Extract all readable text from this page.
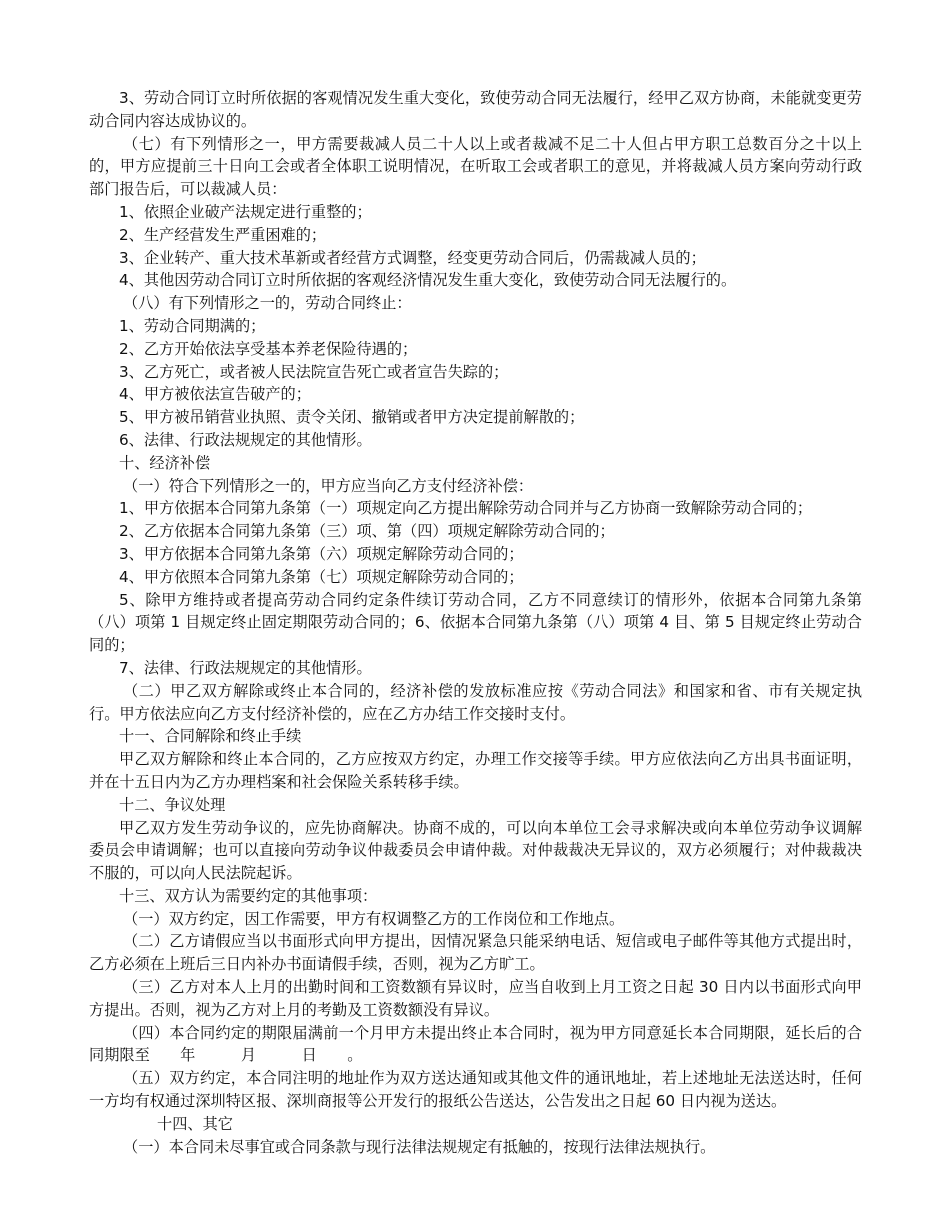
3、劳动合同订立时所依据的客观情况发生重大变化，致使劳动合同无法履行，经甲乙双方协商，未能就变更劳动合同内容达成协议的。

（七）有下列情形之一，甲方需要裁减人员二十人以上或者裁减不足二十人但占甲方职工总数百分之十以上的，甲方应提前三十日向工会或者全体职工说明情况，在听取工会或者职工的意见，并将裁减人员方案向劳动行政部门报告后，可以裁减人员：

1、依照企业破产法规定进行重整的；

2、生产经营发生严重困难的；

3、企业转产、重大技术革新或者经营方式调整，经变更劳动合同后，仍需裁减人员的；

4、其他因劳动合同订立时所依据的客观经济情况发生重大变化，致使劳动合同无法履行的。

（八）有下列情形之一的，劳动合同终止：

1、劳动合同期满的；

2、乙方开始依法享受基本养老保险待遇的；

3、乙方死亡，或者被人民法院宣告死亡或者宣告失踪的；

4、甲方被依法宣告破产的；

5、甲方被吊销营业执照、责令关闭、撤销或者甲方决定提前解散的；

6、法律、行政法规规定的其他情形。

十、经济补偿

（一）符合下列情形之一的，甲方应当向乙方支付经济补偿：

1、甲方依据本合同第九条第（一）项规定向乙方提出解除劳动合同并与乙方协商一致解除劳动合同的；

2、乙方依据本合同第九条第（三）项、第（四）项规定解除劳动合同的；

3、甲方依据本合同第九条第（六）项规定解除劳动合同的；

4、甲方依照本合同第九条第（七）项规定解除劳动合同的；

5、除甲方维持或者提高劳动合同约定条件续订劳动合同，乙方不同意续订的情形外，依据本合同第九条第（八）项第 1 目规定终止固定期限劳动合同的；6、依据本合同第九条第（八）项第 4 目、第 5 目规定终止劳动合同的；

7、法律、行政法规规定的其他情形。

（二）甲乙双方解除或终止本合同的，经济补偿的发放标准应按《劳动合同法》和国家和省、市有关规定执行。甲方依法应向乙方支付经济补偿的，应在乙方办结工作交接时支付。

十一、合同解除和终止手续

甲乙双方解除和终止本合同的，乙方应按双方约定，办理工作交接等手续。甲方应依法向乙方出具书面证明，并在十五日内为乙方办理档案和社会保险关系转移手续。

十二、争议处理

甲乙双方发生劳动争议的，应先协商解决。协商不成的，可以向本单位工会寻求解决或向本单位劳动争议调解委员会申请调解；也可以直接向劳动争议仲裁委员会申请仲裁。对仲裁裁决无异议的，双方必须履行；对仲裁裁决不服的，可以向人民法院起诉。

十三、双方认为需要约定的其他事项：

（一）双方约定，因工作需要，甲方有权调整乙方的工作岗位和工作地点。

（二）乙方请假应当以书面形式向甲方提出，因情况紧急只能采纳电话、短信或电子邮件等其他方式提出时，乙方必须在上班后三日内补办书面请假手续，否则，视为乙方旷工。

（三）乙方对本人上月的出勤时间和工资数额有异议时，应当自收到上月工资之日起 30 日内以书面形式向甲方提出。否则，视为乙方对上月的考勤及工资数额没有异议。

（四）本合同约定的期限届满前一个月甲方未提出终止本合同时，视为甲方同意延长本合同期限，延长后的合同期限至　　年　　　月　　　日　　。

（五）双方约定，本合同注明的地址作为双方送达通知或其他文件的通讯地址，若上述地址无法送达时，任何一方均有权通过深圳特区报、深圳商报等公开发行的报纸公告送达，公告发出之日起 60 日内视为送达。

十四、其它

（一）本合同未尽事宜或合同条款与现行法律法规规定有抵触的，按现行法律法规执行。
